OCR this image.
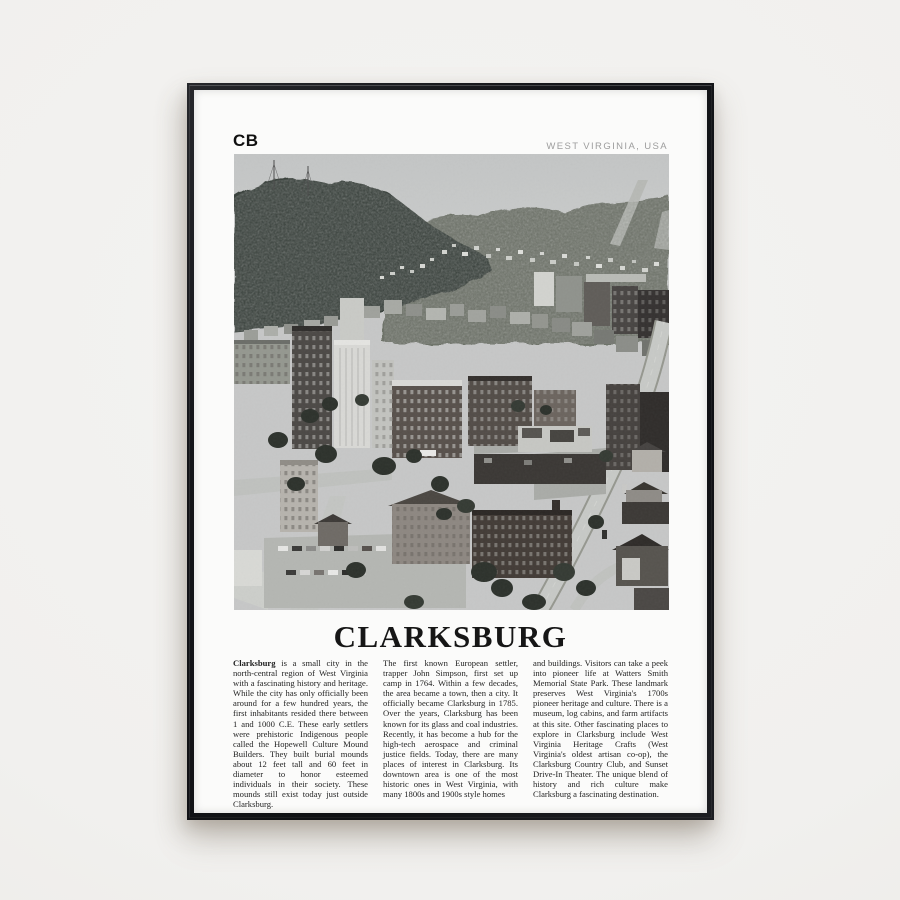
CB	WEST VIRGINIA, USA
CLARKSBURG
Clarksburg is a small city in the north-central region of West Virginia with a fascinating history and heritage. While the city has only officially been around for a few hundred years, the first inhabitants resided there between 1 and 1000 C.E. These early settlers were prehistoric Indigenous people called the Hopewell Culture Mound Builders. They built burial mounds about 12 feet tall and 60 feet in diameter to honor esteemed individuals in their society. These mounds still exist today just outside Clarksburg.
The first known European settler, trapper John Simpson, first set up camp in 1764. Within a few decades, the area became a town, then a city. It officially became Clarksburg in 1785. Over the years, Clarksburg has been known for its glass and coal industries. Recently, it has become a hub for the high-tech aerospace and criminal justice fields. Today, there are many places of interest in Clarksburg. Its downtown area is one of the most historic ones in West Virginia, with many 1800s and 1900s style homes
and buildings. Visitors can take a peek into pioneer life at Watters Smith Memorial State Park. These landmark preserves West Virginia's 1700s pioneer heritage and culture. There is a museum, log cabins, and farm artifacts at this site. Other fascinating places to explore in Clarksburg include West Virginia Heritage Crafts (West Virginia's oldest artisan co-op), the Clarksburg Country Club, and Sunset Drive-In Theater. The unique blend of history and rich culture make Clarksburg a fascinating destination.
